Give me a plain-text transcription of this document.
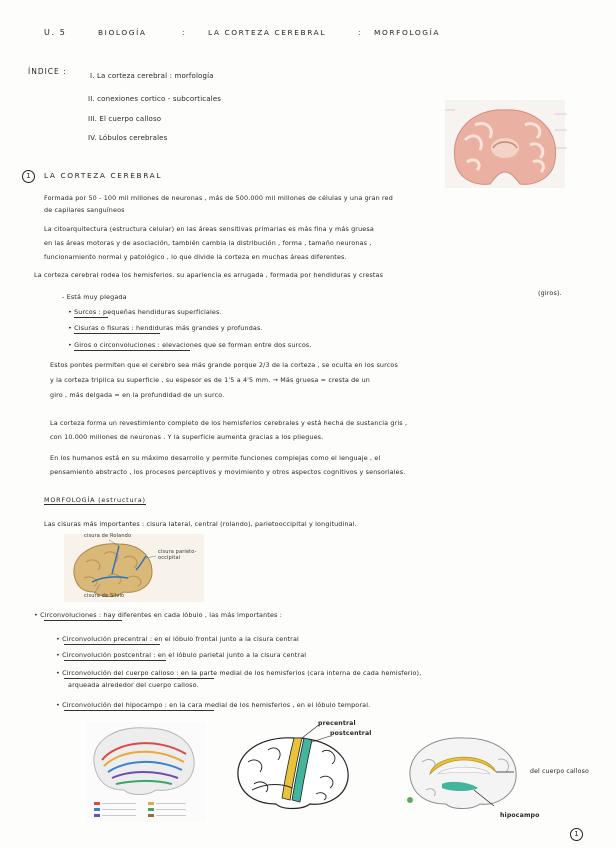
U. 5	BIOLOGÍA	:	LA CORTEZA CEREBRAL	: MORFOLOGÍA
ÍNDICE :	I. La corteza cerebral : morfología
II. conexiones cortico - subcorticales
III. El cuerpo calloso
IV. Lóbulos cerebrales
1	LA CORTEZA CEREBRAL
Formada por 50 - 100 mil millones de neuronas , más de 500.000 mil millones de células y una gran red
de capilares sanguíneos
La citoarquitectura (estructura celular) en las áreas sensitivas primarias es más fina y más gruesa
en las áreas motoras y de asociación, también cambia la distribución , forma , tamaño neuronas ,
funcionamiento normal y patológico , lo que divide la corteza en muchas áreas diferentes.
La corteza cerebral rodea los hemisferios. su apariencia es arrugada , formada por hendiduras y crestas
(giros).
- Está muy plegada
• Surcos : pequeñas hendiduras superficiales.
• Cisuras o fisuras : hendiduras más grandes y profundas.
• Giros o circonvoluciones : elevaciones que se forman entre dos surcos.
Estos pontes permiten que el cerebro sea más grande porque 2/3 de la corteza , se oculta en los surcos
y la corteza triplica su superficie , su espesor es de 1'5 a 4'5 mm. → Más gruesa = cresta de un
giro , más delgada = en la profundidad de un surco.
La corteza forma un revestimiento completo de los hemisferios cerebrales y está hecha de sustancia gris ,
con 10.000 millones de neuronas . Y la superficie aumenta gracias a los pliegues.
En los humanos está en su máximo desarrollo y permite funciones complejas como el lenguaje , el
pensamiento abstracto , los procesos perceptivos y movimiento y otros aspectos cognitivos y sensoriales.
MORFOLOGÍA (estructura)
Las cisuras más importantes : cisura lateral, central (rolando), parietooccipital y longitudinal.
cisura de Rolando
cisura parieto-occipital
cisura de Silvio
• Circonvoluciones : hay diferentes en cada lóbulo , las más importantes :
• Circonvolución precentral : en el lóbulo frontal junto a la cisura central
• Circonvolución postcentral : en el lóbulo parietal junto a la cisura central
• Circonvolución del cuerpo calloso : en la parte medial de los hemisferios (cara interna de cada hemisferio),
arqueada alrededor del cuerpo calloso.
• Circonvolución del hipocampo : en la cara medial de los hemisferios , en el lóbulo temporal.
precentral
postcentral
del cuerpo calloso
hipocampo
1
